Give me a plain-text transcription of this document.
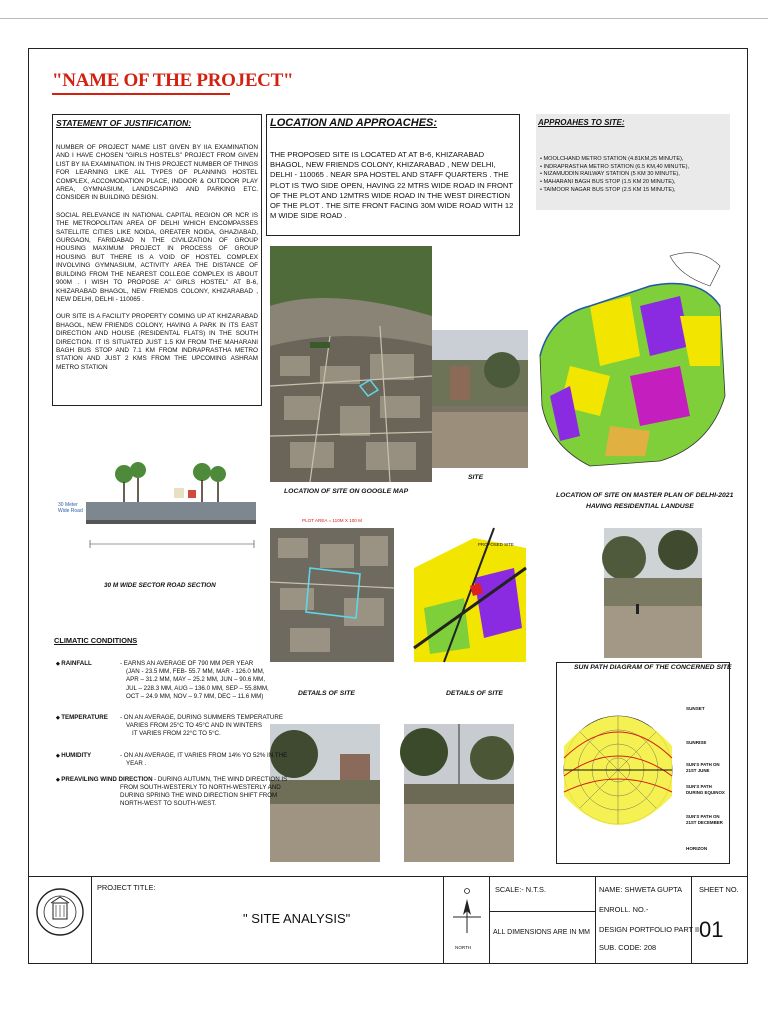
"NAME OF THE PROJECT"
STATEMENT OF JUSTIFICATION:

NUMBER OF PROJECT NAME LIST GIVEN BY IIA EXAMINATION AND I HAVE CHOSEN "GIRLS HOSTELS" PROJECT FROM GIVEN LIST BY IIA EXAMINATION. IN THIS PROJECT NUMBER OF THINGS FOR LEARNING LIKE ALL TYPES OF PLANNING HOSTEL COMPLEX, ACCOMODATION PLACE, INDOOR & OUTDOOR PLAY AREA, GYMNASIUM, LANDSCAPING AND PARKING ETC. CONSIDER IN BUILDING DESIGN.

SOCIAL RELEVANCE IN NATIONAL CAPITAL REGION OR NCR IS THE METROPOLITAN AREA OF DELHI WHICH ENCOMPASSES SATELLITE CITIES LIKE NOIDA, GREATER NOIDA, GHAZIABAD, GURGAON, FARIDABAD N THE CIVILIZATION OF GROUP HOUSING MAXIMUM PROJECT IN PROCESS OF GROUP HOUSING BUT THERE IS A VOID OF HOSTEL COMPLEX INVOLVING GYMNASIUM, ACTIVITY AREA THE DISTANCE OF BUILDING FROM THE NEAREST COLLEGE COMPLEX IS ABOUT 900M . I WISH TO PROPOSE A" GIRLS HOSTEL" AT B-6, KHIZARABAD BHAGOL, NEW FRIENDS COLONY, KHIZARABAD , NEW DELHI, DELHI - 110065 .

OUR SITE IS A FACILITY PROPERTY COMING UP AT KHIZARABAD BHAGOL, NEW FRIENDS COLONY, HAVING A PARK IN ITS EAST DIRECTION AND HOUSE (RESIDENTAL FLATS) IN THE SOUTH DIRECTION. IT IS SITUATED JUST 1.5 KM FROM THE MAHARANI BAGH BUS STOP AND 7.1 KM FROM INDRAPRASTHA METRO STATION AND JUST 2 KMS FROM THE UPCOMING ASHRAM METRO STATION

LOCATION AND APPROACHES:
THE PROPOSED SITE IS LOCATED AT AT B-6, KHIZARABAD BHAGOL, NEW FRIENDS COLONY, KHIZARABAD , NEW DELHI, DELHI - 110065 . NEAR SPA HOSTEL AND STAFF QUARTERS . THE PLOT IS TWO SIDE OPEN, HAVING 22 MTRS WIDE ROAD IN FRONT OF THE PLOT AND 12MTRS WIDE ROAD IN THE WEST DIRECTION OF THE PLOT . THE SITE FRONT FACING 30M WIDE ROAD WITH 12 M WIDE SIDE ROAD .
APPROAHES TO SITE:
• MOOLCHAND METRO STATION (4.81KM,25 MINUTE),
• INDRAPRASTHA METRO STATION (6.5 KM,40 MINUTE),
• NIZAMUDDIN RAILWAY STATION (5 KM 30 MINUTE),
• MAHARANI BAGH BUS STOP (1.5 KM 20 MINUTE),
• TAIMOOR NAGAR BUS STOP (2.5 KM 15 MINUTE),
LOCATION OF SITE ON GOOGLE MAP
SITE
LOCATION OF SITE ON MASTER PLAN OF DELHI-2021
HAVING RESIDENTIAL LANDUSE
30 Meter Wide Road
30 M WIDE SECTOR ROAD SECTION
PLOT AREA = 110M X 100 M
DETAILS OF SITE
PROPOSED SITE
DETAILS OF SITE
SUN PATH DIAGRAM OF THE CONCERNED SITE
SUNSET
SUNRISE
SUN'S PATH ON 21ST JUNE
SUN'S PATH DURING EQUINOX
SUN'S PATH ON 21ST DECEMBER
HORIZON
CLIMATIC CONDITIONS
◆ RAINFALL	- EARNS AN AVERAGE OF 790 MM PER YEAR
(JAN - 23.5 MM, FEB- 55.7 MM, MAR - 126.0 MM,
APR – 31.2 MM, MAY – 25.2 MM, JUN – 90.6 MM,
JUL – 228.3 MM, AUG – 136.0 MM, SEP – 55.8MM,
OCT – 24.9 MM, NOV – 9.7 MM, DEC – 11.6 MM)
◆ TEMPERATURE - ON AN AVERAGE, DURING SUMMERS TEMPERATURE
VARIES FROM 25°C TO 45°C AND IN WINTERS
IT VARIES FROM 22°C TO 5°C.
◆ HUMIDITY	- ON AN AVERAGE, IT VARIES FROM 14% YO 52% IN THE
YEAR .
◆ PREAVILING WIND DIRECTION - DURING AUTUMN, THE WIND DIRECTION IS
FROM SOUTH-WESTERLY TO NORTH-WESTERLY AND
DURING SPRING THE WIND DIRECTION SHIFT FROM
NORTH-WEST TO SOUTH-WEST.
PROJECT TITLE:
" SITE ANALYSIS"
NORTH
SCALE:- N.T.S.
ALL DIMENSIONS ARE IN MM
NAME: SHWETA GUPTA
ENROLL. NO.-
DESIGN PORTFOLIO PART II
SUB. CODE: 208
SHEET NO.
01
